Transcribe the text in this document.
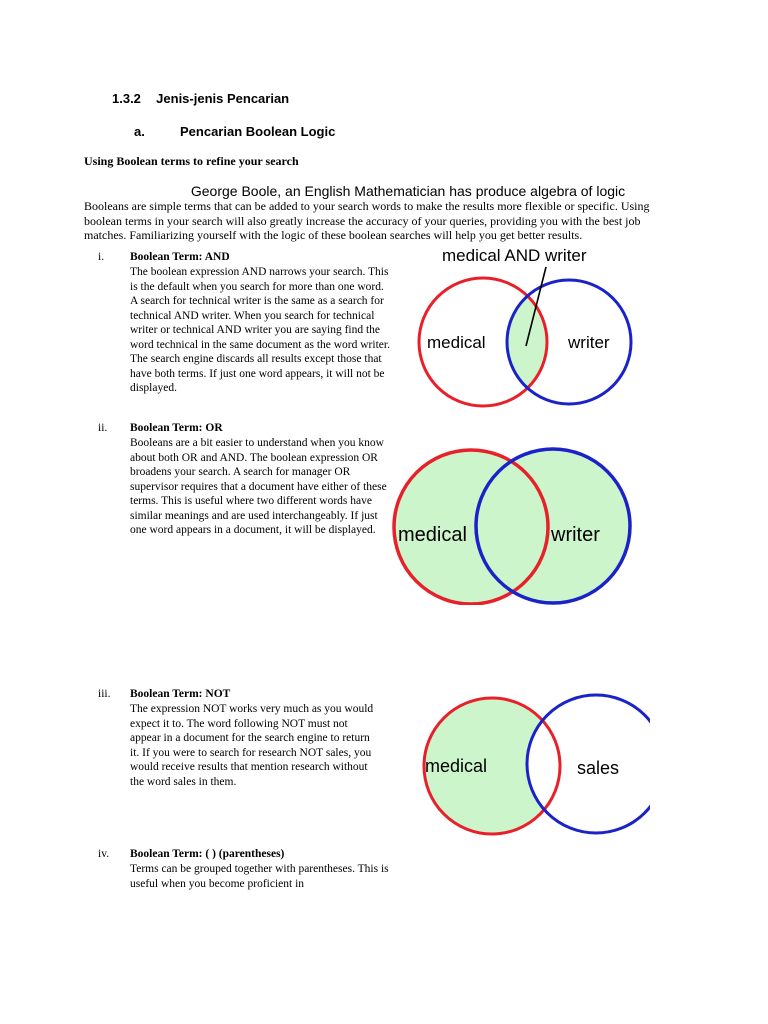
1.3.2 Jenis-jenis Pencarian
a.	Pencarian Boolean Logic
Using Boolean terms to refine your search
George Boole, an English Mathematician has produce algebra of logic
Booleans are simple terms that can be added to your search words to make the results more flexible or specific. Using boolean terms in your search will also greatly increase the accuracy of your queries, providing you with the best job matches. Familiarizing yourself with the logic of these boolean searches will help you get better results.
i. Boolean Term: AND
The boolean expression AND narrows your search. This is the default when you search for more than one word. A search for technical writer is the same as a search for technical AND writer. When you search for technical writer or technical AND writer you are saying find the word technical in the same document as the word writer. The search engine discards all results except those that have both terms. If just one word appears, it will not be displayed.
ii. Boolean Term: OR
Booleans are a bit easier to understand when you know about both OR and AND. The boolean expression OR broadens your search. A search for manager OR supervisor requires that a document have either of these terms. This is useful where two different words have similar meanings and are used interchangeably. If just one word appears in a document, it will be displayed.
iii. Boolean Term: NOT
The expression NOT works very much as you would expect it to. The word following NOT must not appear in a document for the search engine to return it. If you were to search for research NOT sales, you would receive results that mention research without the word sales in them.
iv. Boolean Term: ( ) (parentheses)
Terms can be grouped together with parentheses. This is useful when you become proficient in
medical AND writer
medical	writer
medical	writer
medical	sales
